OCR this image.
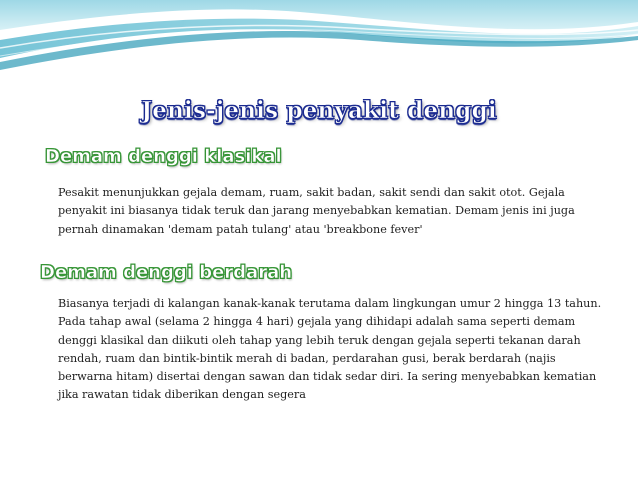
Jenis-jenis penyakit denggi
Demam denggi klasikal
Pesakit menunjukkan gejala demam, ruam, sakit badan, sakit sendi dan sakit otot. Gejala penyakit ini biasanya tidak teruk dan jarang menyebabkan kematian. Demam jenis ini juga pernah dinamakan 'demam patah tulang' atau 'breakbone fever'
Demam denggi berdarah
Biasanya terjadi di kalangan kanak-kanak terutama dalam lingkungan umur 2 hingga 13 tahun. Pada tahap awal (selama 2 hingga 4 hari) gejala yang dihidapi adalah sama seperti demam denggi klasikal dan diikuti oleh tahap yang lebih teruk dengan gejala seperti tekanan darah rendah, ruam dan bintik-bintik merah di badan, perdarahan gusi, berak berdarah (najis berwarna hitam) disertai dengan sawan dan tidak sedar diri. Ia sering menyebabkan kematian jika rawatan tidak diberikan dengan segera
